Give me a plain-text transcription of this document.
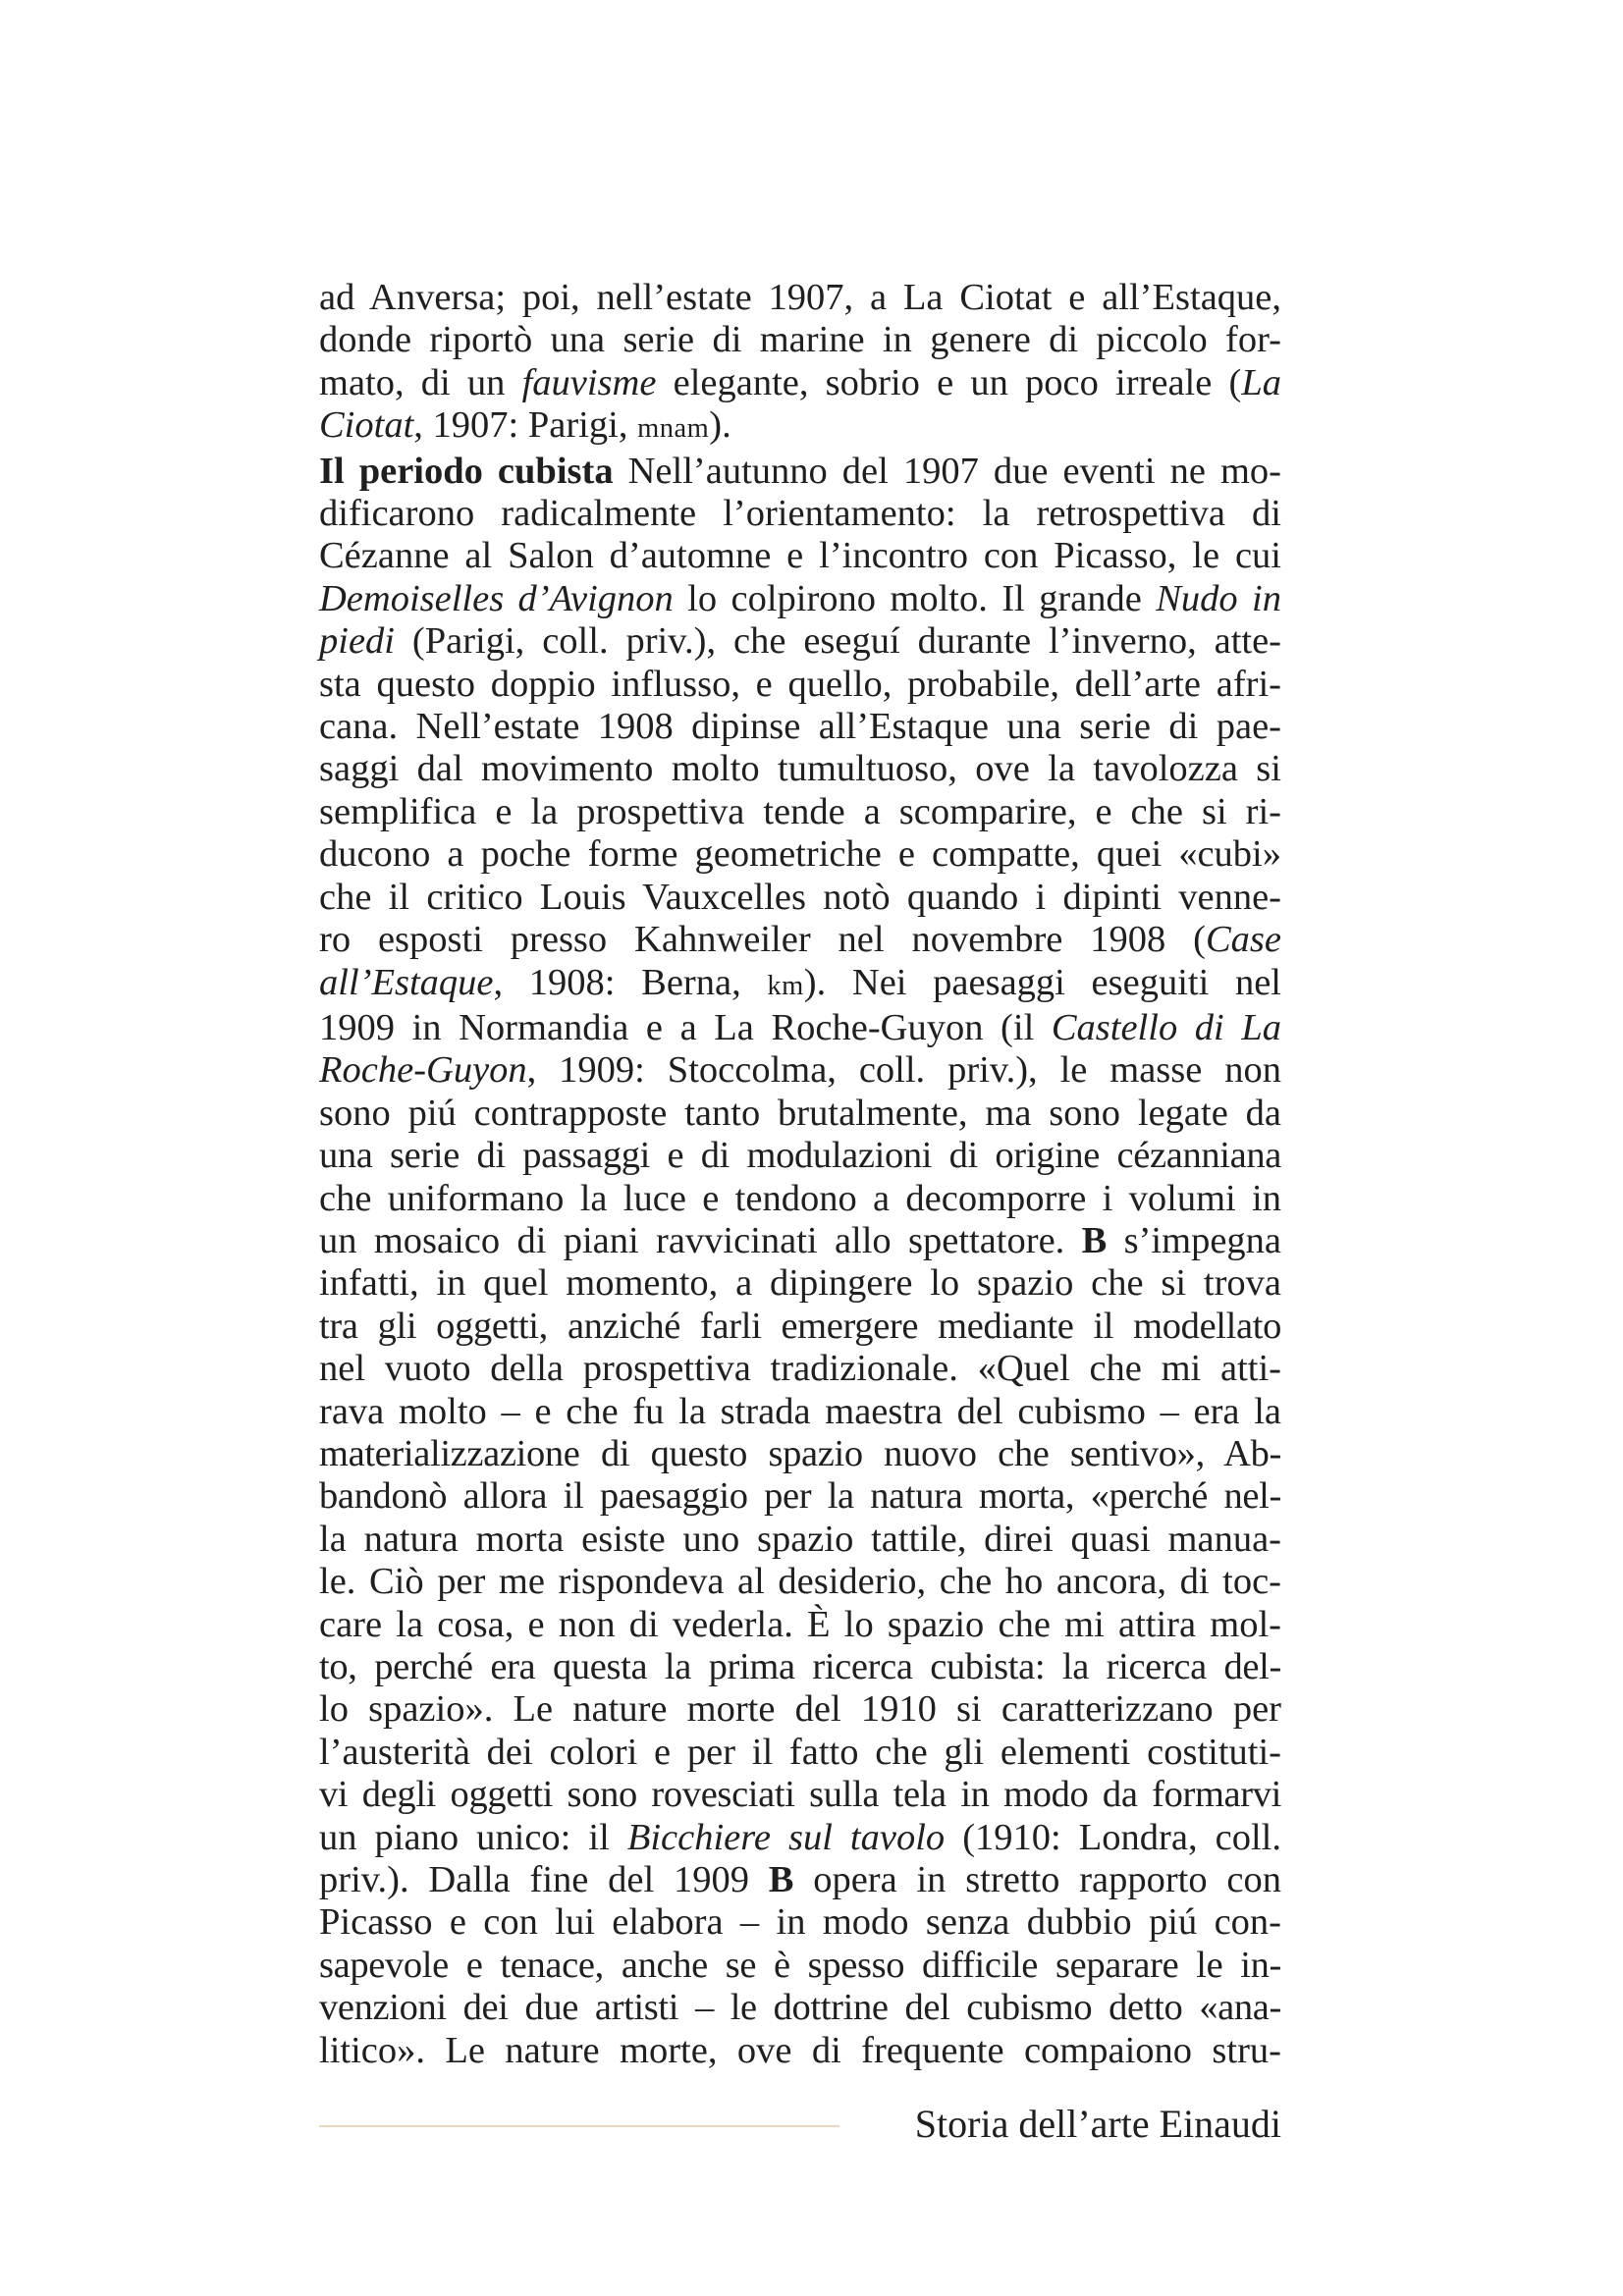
ad Anversa; poi, nell’estate 1907, a La Ciotat e all’Estaque,
donde riportò una serie di marine in genere di piccolo for-
mato, di un fauvisme elegante, sobrio e un poco irreale (La
Ciotat, 1907: Parigi, mnam).
Il periodo cubista Nell’autunno del 1907 due eventi ne mo-
dificarono radicalmente l’orientamento: la retrospettiva di
Cézanne al Salon d’automne e l’incontro con Picasso, le cui
Demoiselles d’Avignon lo colpirono molto. Il grande Nudo in
piedi (Parigi, coll. priv.), che eseguí durante l’inverno, atte-
sta questo doppio influsso, e quello, probabile, dell’arte afri-
cana. Nell’estate 1908 dipinse all’Estaque una serie di pae-
saggi dal movimento molto tumultuoso, ove la tavolozza si
semplifica e la prospettiva tende a scomparire, e che si ri-
ducono a poche forme geometriche e compatte, quei «cubi»
che il critico Louis Vauxcelles notò quando i dipinti venne-
ro esposti presso Kahnweiler nel novembre 1908 (Case
all’Estaque, 1908: Berna, km). Nei paesaggi eseguiti nel
1909 in Normandia e a La Roche-Guyon (il Castello di La
Roche-Guyon, 1909: Stoccolma, coll. priv.), le masse non
sono piú contrapposte tanto brutalmente, ma sono legate da
una serie di passaggi e di modulazioni di origine cézanniana
che uniformano la luce e tendono a decomporre i volumi in
un mosaico di piani ravvicinati allo spettatore. B s’impegna
infatti, in quel momento, a dipingere lo spazio che si trova
tra gli oggetti, anziché farli emergere mediante il modellato
nel vuoto della prospettiva tradizionale. «Quel che mi atti-
rava molto – e che fu la strada maestra del cubismo – era la
materializzazione di questo spazio nuovo che sentivo», Ab-
bandonò allora il paesaggio per la natura morta, «perché nel-
la natura morta esiste uno spazio tattile, direi quasi manua-
le. Ciò per me rispondeva al desiderio, che ho ancora, di toc-
care la cosa, e non di vederla. È lo spazio che mi attira mol-
to, perché era questa la prima ricerca cubista: la ricerca del-
lo spazio». Le nature morte del 1910 si caratterizzano per
l’austerità dei colori e per il fatto che gli elementi costituti-
vi degli oggetti sono rovesciati sulla tela in modo da formarvi
un piano unico: il Bicchiere sul tavolo (1910: Londra, coll.
priv.). Dalla fine del 1909 B opera in stretto rapporto con
Picasso e con lui elabora – in modo senza dubbio piú con-
sapevole e tenace, anche se è spesso difficile separare le in-
venzioni dei due artisti – le dottrine del cubismo detto «ana-
litico». Le nature morte, ove di frequente compaiono stru-
Storia dell’arte Einaudi
